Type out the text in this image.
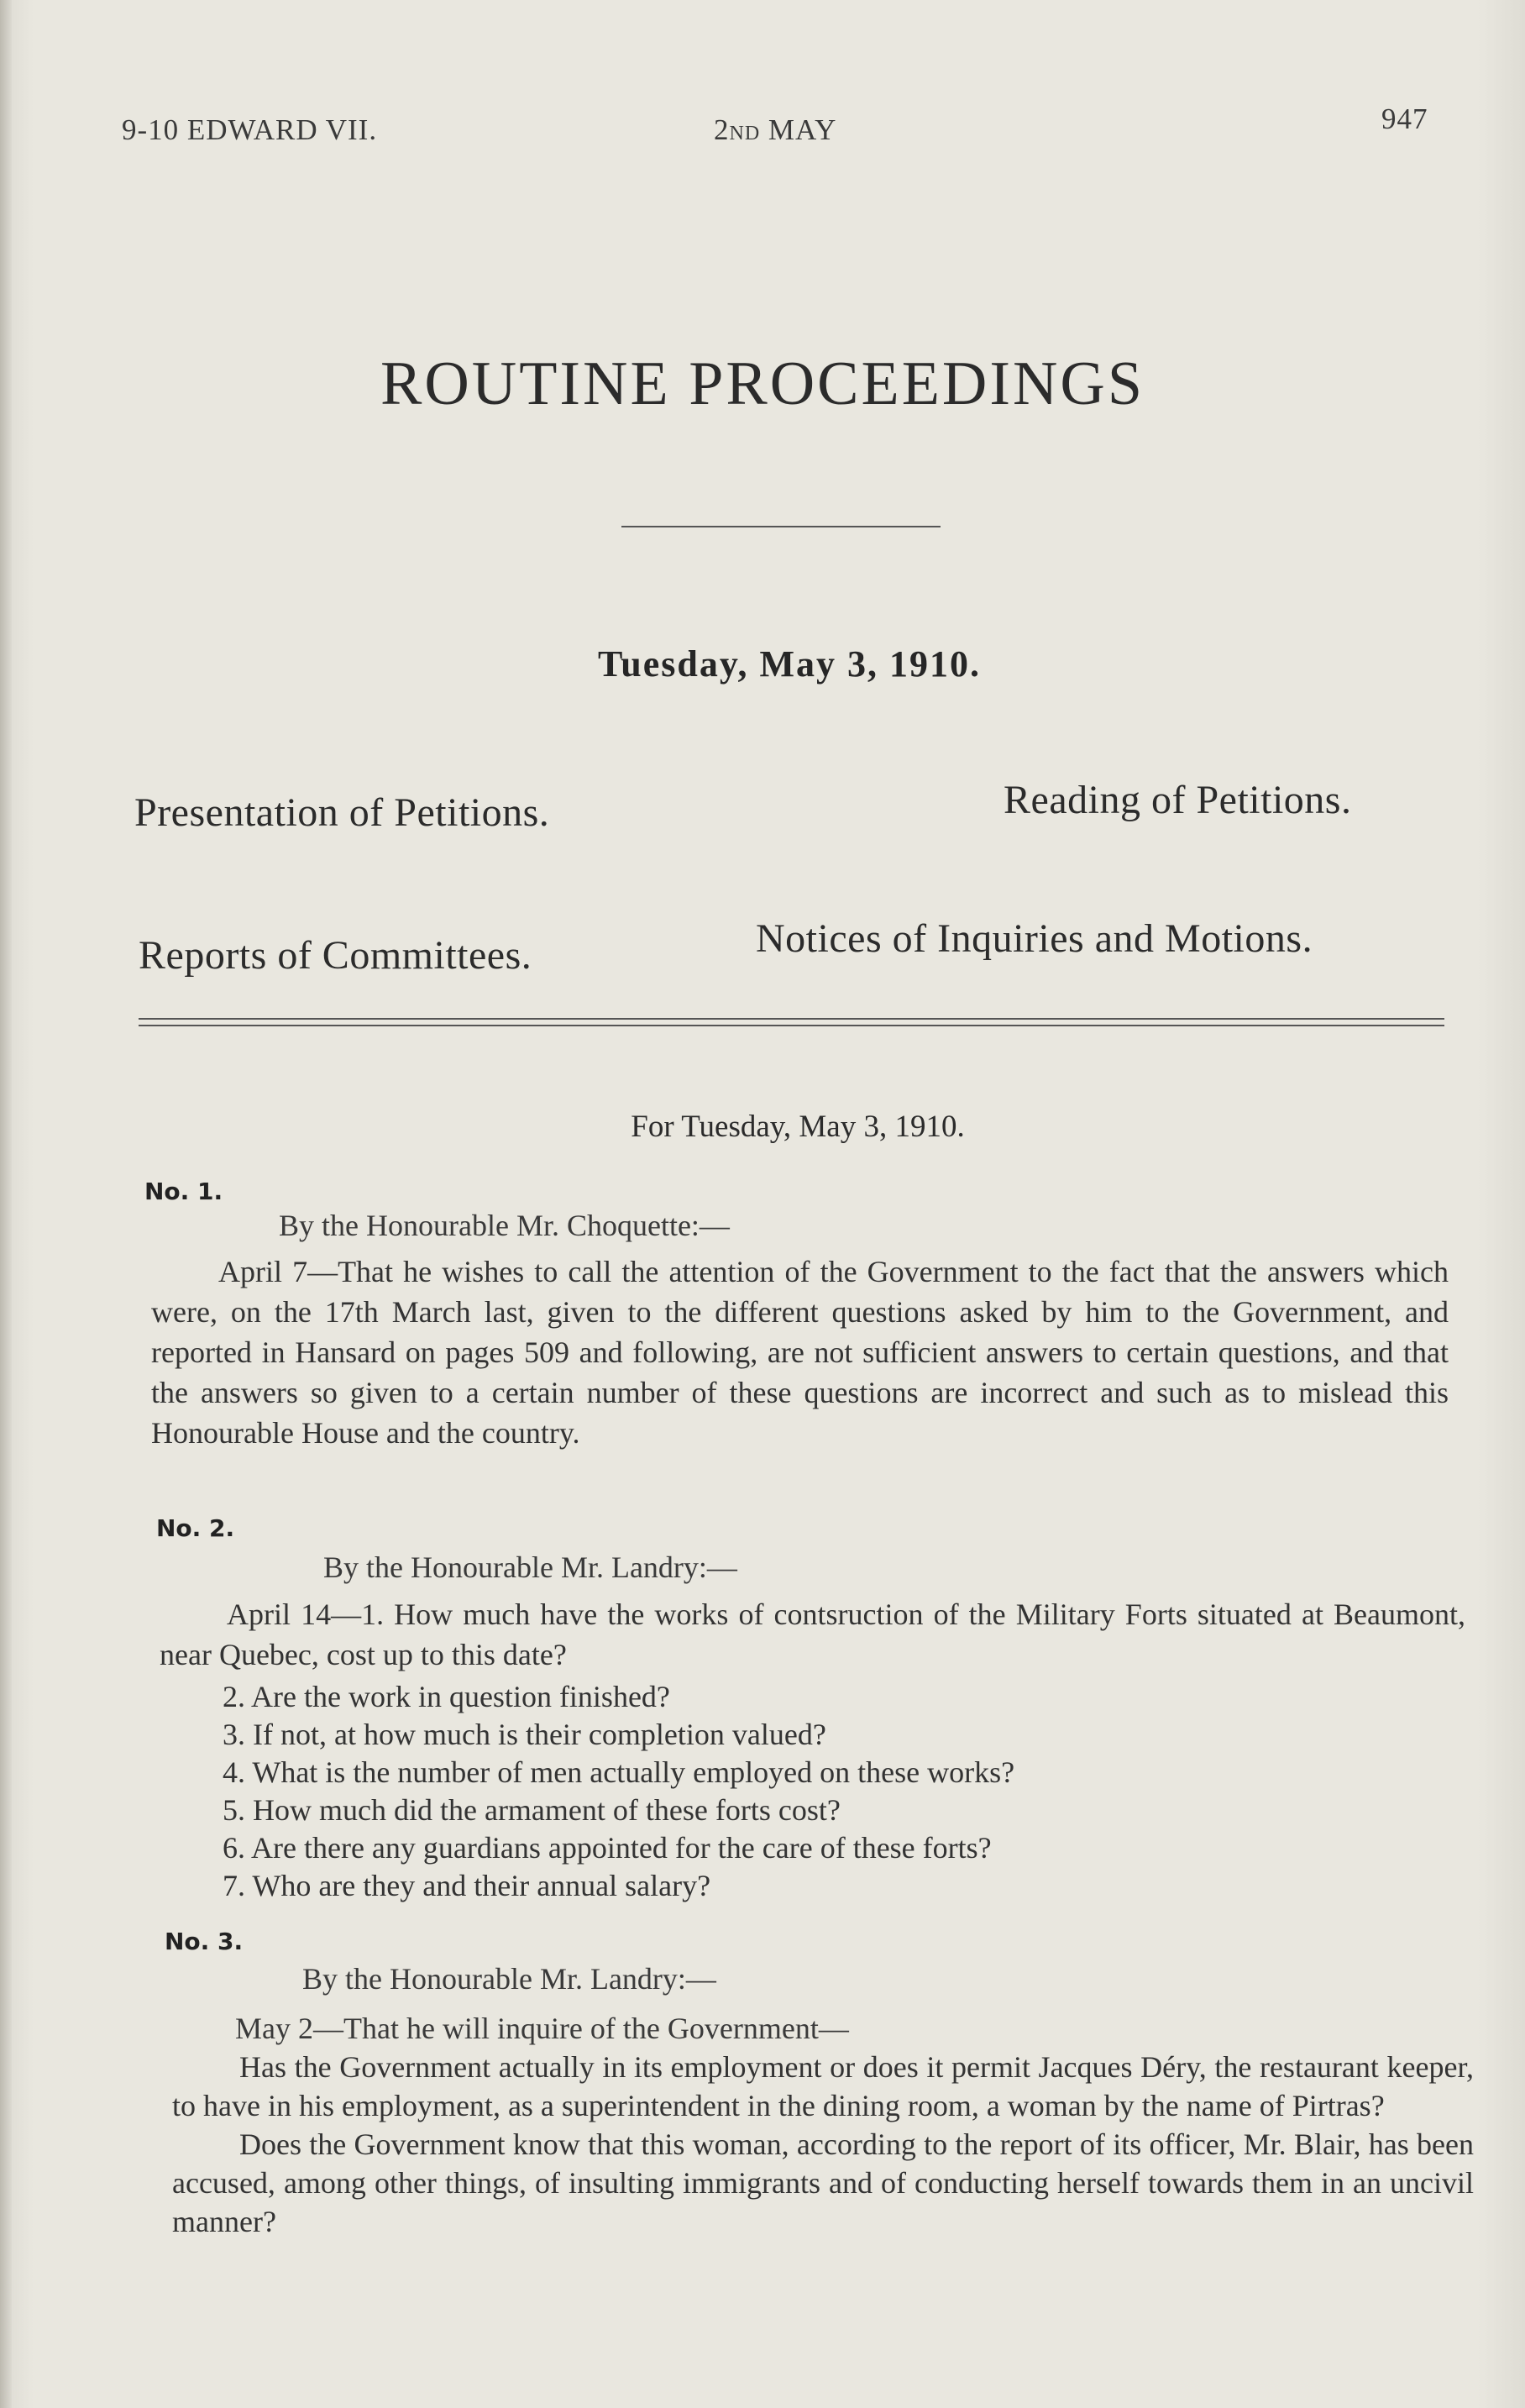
9-10 EDWARD VII.	2ND MAY	947
ROUTINE PROCEEDINGS
Tuesday, May 3, 1910.
Presentation of Petitions.	Reading of Petitions.
Reports of Committees.	Notices of Inquiries and Motions.
For Tuesday, May 3, 1910.
No. 1.
By the Honourable Mr. Choquette:—

April 7—That he wishes to call the attention of the Government to the fact that the answers which were, on the 17th March last, given to the different questions asked by him to the Government, and reported in Hansard on pages 509 and following, are not sufficient answers to certain questions, and that the answers so given to a certain number of these questions are incorrect and such as to mislead this Honourable House and the country.

No. 2.
By the Honourable Mr. Landry:—

April 14—1. How much have the works of contsruction of the Military Forts situated at Beaumont, near Quebec, cost up to this date?

2. Are the work in question finished?
3. If not, at how much is their completion valued?
4. What is the number of men actually employed on these works?
5. How much did the armament of these forts cost?
6. Are there any guardians appointed for the care of these forts?
7. Who are they and their annual salary?
No. 3.
By the Honourable Mr. Landry:—
May 2—That he will inquire of the Government—

Has the Government actually in its employment or does it permit Jacques Déry, the restaurant keeper, to have in his employment, as a superintendent in the dining room, a woman by the name of Pirtras?

Does the Government know that this woman, according to the report of its officer, Mr. Blair, has been accused, among other things, of insulting immigrants and of conducting herself towards them in an uncivil manner?
